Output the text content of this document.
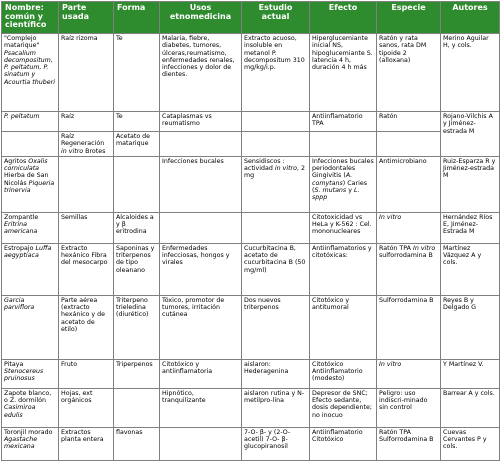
Nombre: común y científico	Parte usada	Forma	Usos etnomedicina	Estudio actual	Efecto	Especie	Autores
"Complejo matarique" Psacalium decompositum,P. peltatum, P. sinatum y Acourtia thuberi	Raíz rizoma	Te	Malaria, fiebre, diabetes, tumores, úlceras,reumatismo, enfermedades renales, infecciones y dolor de dientes.	Extracto acuoso, insoluble en metanol P. decompositum 310 mg/kg/i.p.	Hiperglucemiante inicial NS, hipoglucemiante S. latencia 4 h, duración 4 h más	Ratón y rata sanos, rata DM tipoide 2 (alloxana)	Merino Aguilar H, y cols.
P. peltatum	Raíz	Te	Cataplasmas vs reumatismo		Antiinflamatorio TPA	Ratón	Rojano-Vilchis A y Jiménez-estrada M
	Raíz Regeneración in vitro Brotes	Acetato de matarique					
Agritos Oxalis corniculata Hierba de San Nicolás Piqueria trinervia			Infecciones bucales	Sensidiscos : actividad in vitro, 2 mg	Infecciones bucales periodontales Gingivitis (A. comytans) Caries (S. mutans y L. sppp	Antimicrobiano	Ruiz-Esparza R y Jiménez-estrada M
Zompantle Eritrina americana	Semillas	Alcaloides a y β eritrodina			Citotoxicidad vs HeLa y K-562 : Cel. mononucleares	In vitro	Hernández Ríos E, Jiménez-Estrada M
Estropajo Luffa aegyptiaca	Extracto hexánico Fibra del mesocarpo	Saponinas y triterpenos de tipo oleanano	Enfermedades infecciosas, hongos y virales	Cucurbitacina B, acetato de cucurbitacina B (50 mg/ml)	Antiinflamatorios y citotóxicas:	Ratón TPA In vitro sulforrodamina B	Martínez Vázquez A y cols.
Garcia parviflora	Parte aérea (extracto hexánico y de acetato de etilo)	Triterpeno trieledina (diurético)	Tóxico, promotor de tumores, irritación cutánea	Dos nuevos triterpenos	Citotóxico y antitumoral	Sulforrodamina B	Reyes B y Delgado G
Pitaya Stenocereus pruinosus	Fruto	Triperpenos	Citotóxico y antiinflamatoria	aislaron: Hederagenina	Citotóxico Antiinflamatorio (modesto)	In vitro	Y Martínez V.
Zapote blanco, o Z. dormilón Casimiroa edulis	Hojas, ext orgánicos		Hipnótico, tranquilizante	aislaron rutina y N-metilpro-lina	Depresor de SNC; Efecto sedante, dosis dependiente; no inocuo	Peligro: uso indiscri-minado sin control	Barrear A y cols.
Toronjil morado Agastache mexicana	Extractos planta entera	flavonas		7-O- β- y (2-O-acetil) 7-O- β-glucopiranosil	Antiinflamatorio Citotóxico	Ratón TPA Sulforrodamina B	Cuevas Cervantes P y cols.
